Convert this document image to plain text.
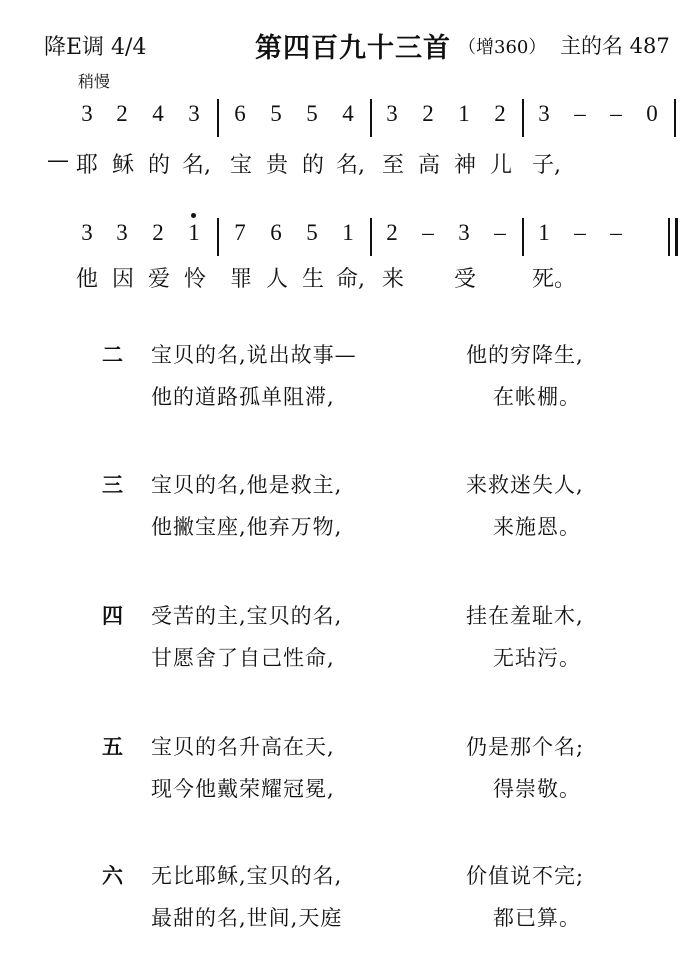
降E调 4/4	第四百九十三首 （增360） 主的名 487
稍慢
3 2 4 3 6 5 5 4 3 2 1 2 3 – – 0
— 耶 稣 的 名, 宝 贵 的 名, 至 高 神 儿 子,
3 3 2 1 7 6 5 1 2 – 3 – 1 – –
他 因 爱 怜 罪 人 生 命, 来 受	死。
二 宝贝的名,说出故事—	他的穷降生,
他的道路孤单阻滞,	在帐棚。
三 宝贝的名,他是救主,	来救迷失人,
他撇宝座,他弃万物,	来施恩。
四 受苦的主,宝贝的名,	挂在羞耻木,
甘愿舍了自己性命,	无玷污。
五 宝贝的名升高在天,	仍是那个名;
现今他戴荣耀冠冕,	得崇敬。
六 无比耶稣,宝贝的名,	价值说不完;
最甜的名,世间,天庭	都已算。
